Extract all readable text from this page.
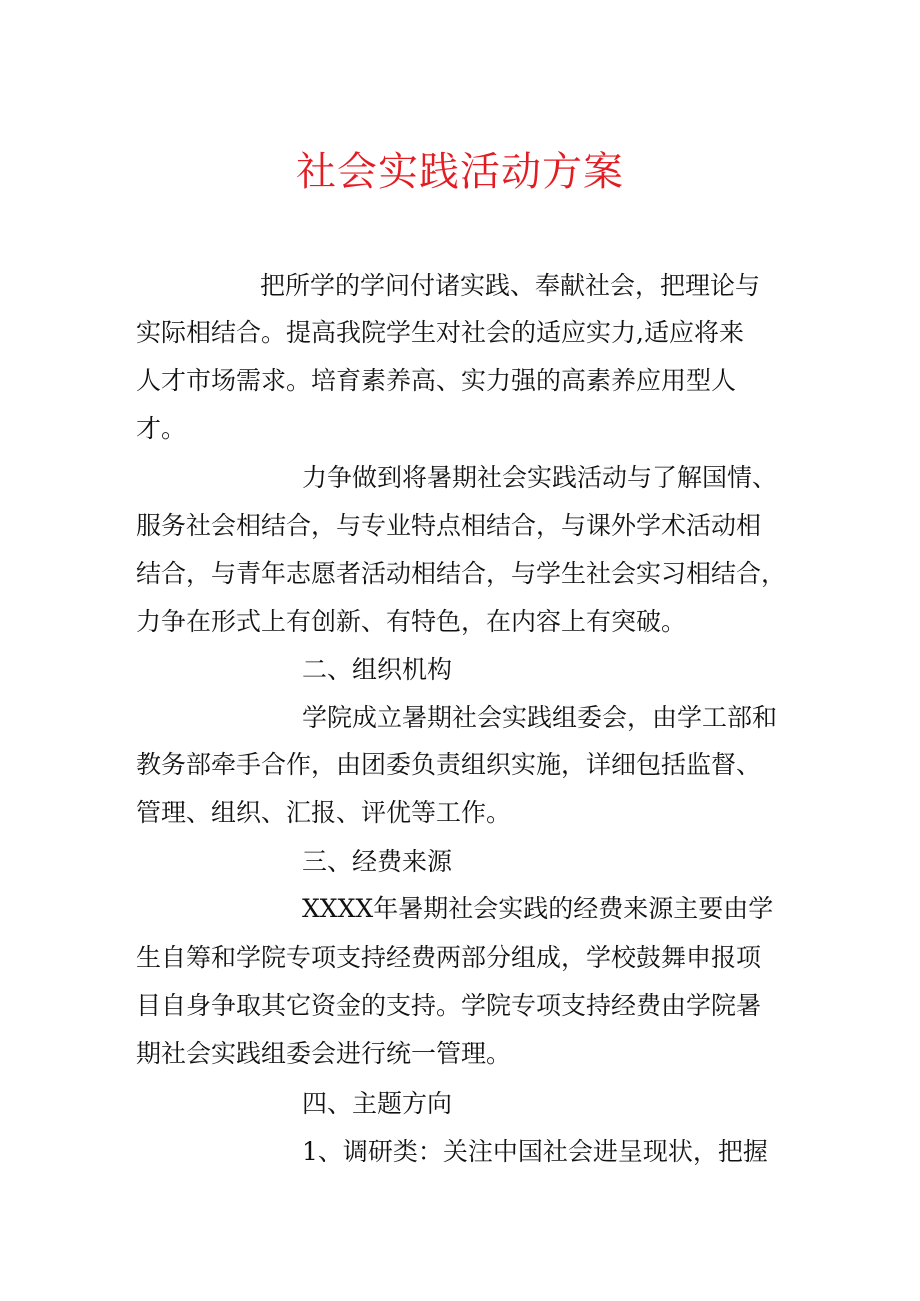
社会实践活动方案

把所学的学问付诸实践、奉献社会，把理论与

实际相结合。提高我院学生对社会的适应实力,适应将来

人才市场需求。培育素养高、实力强的高素养应用型人

才。

力争做到将暑期社会实践活动与了解国情、

服务社会相结合，与专业特点相结合，与课外学术活动相

结合，与青年志愿者活动相结合，与学生社会实习相结合，

力争在形式上有创新、有特色，在内容上有突破。

二、组织机构

学院成立暑期社会实践组委会，由学工部和

教务部牵手合作，由团委负责组织实施，详细包括监督、

管理、组织、汇报、评优等工作。

三、经费来源

XXXX年暑期社会实践的经费来源主要由学

生自筹和学院专项支持经费两部分组成，学校鼓舞申报项

目自身争取其它资金的支持。学院专项支持经费由学院暑

期社会实践组委会进行统一管理。

四、主题方向

1、调研类：关注中国社会进呈现状，把握
